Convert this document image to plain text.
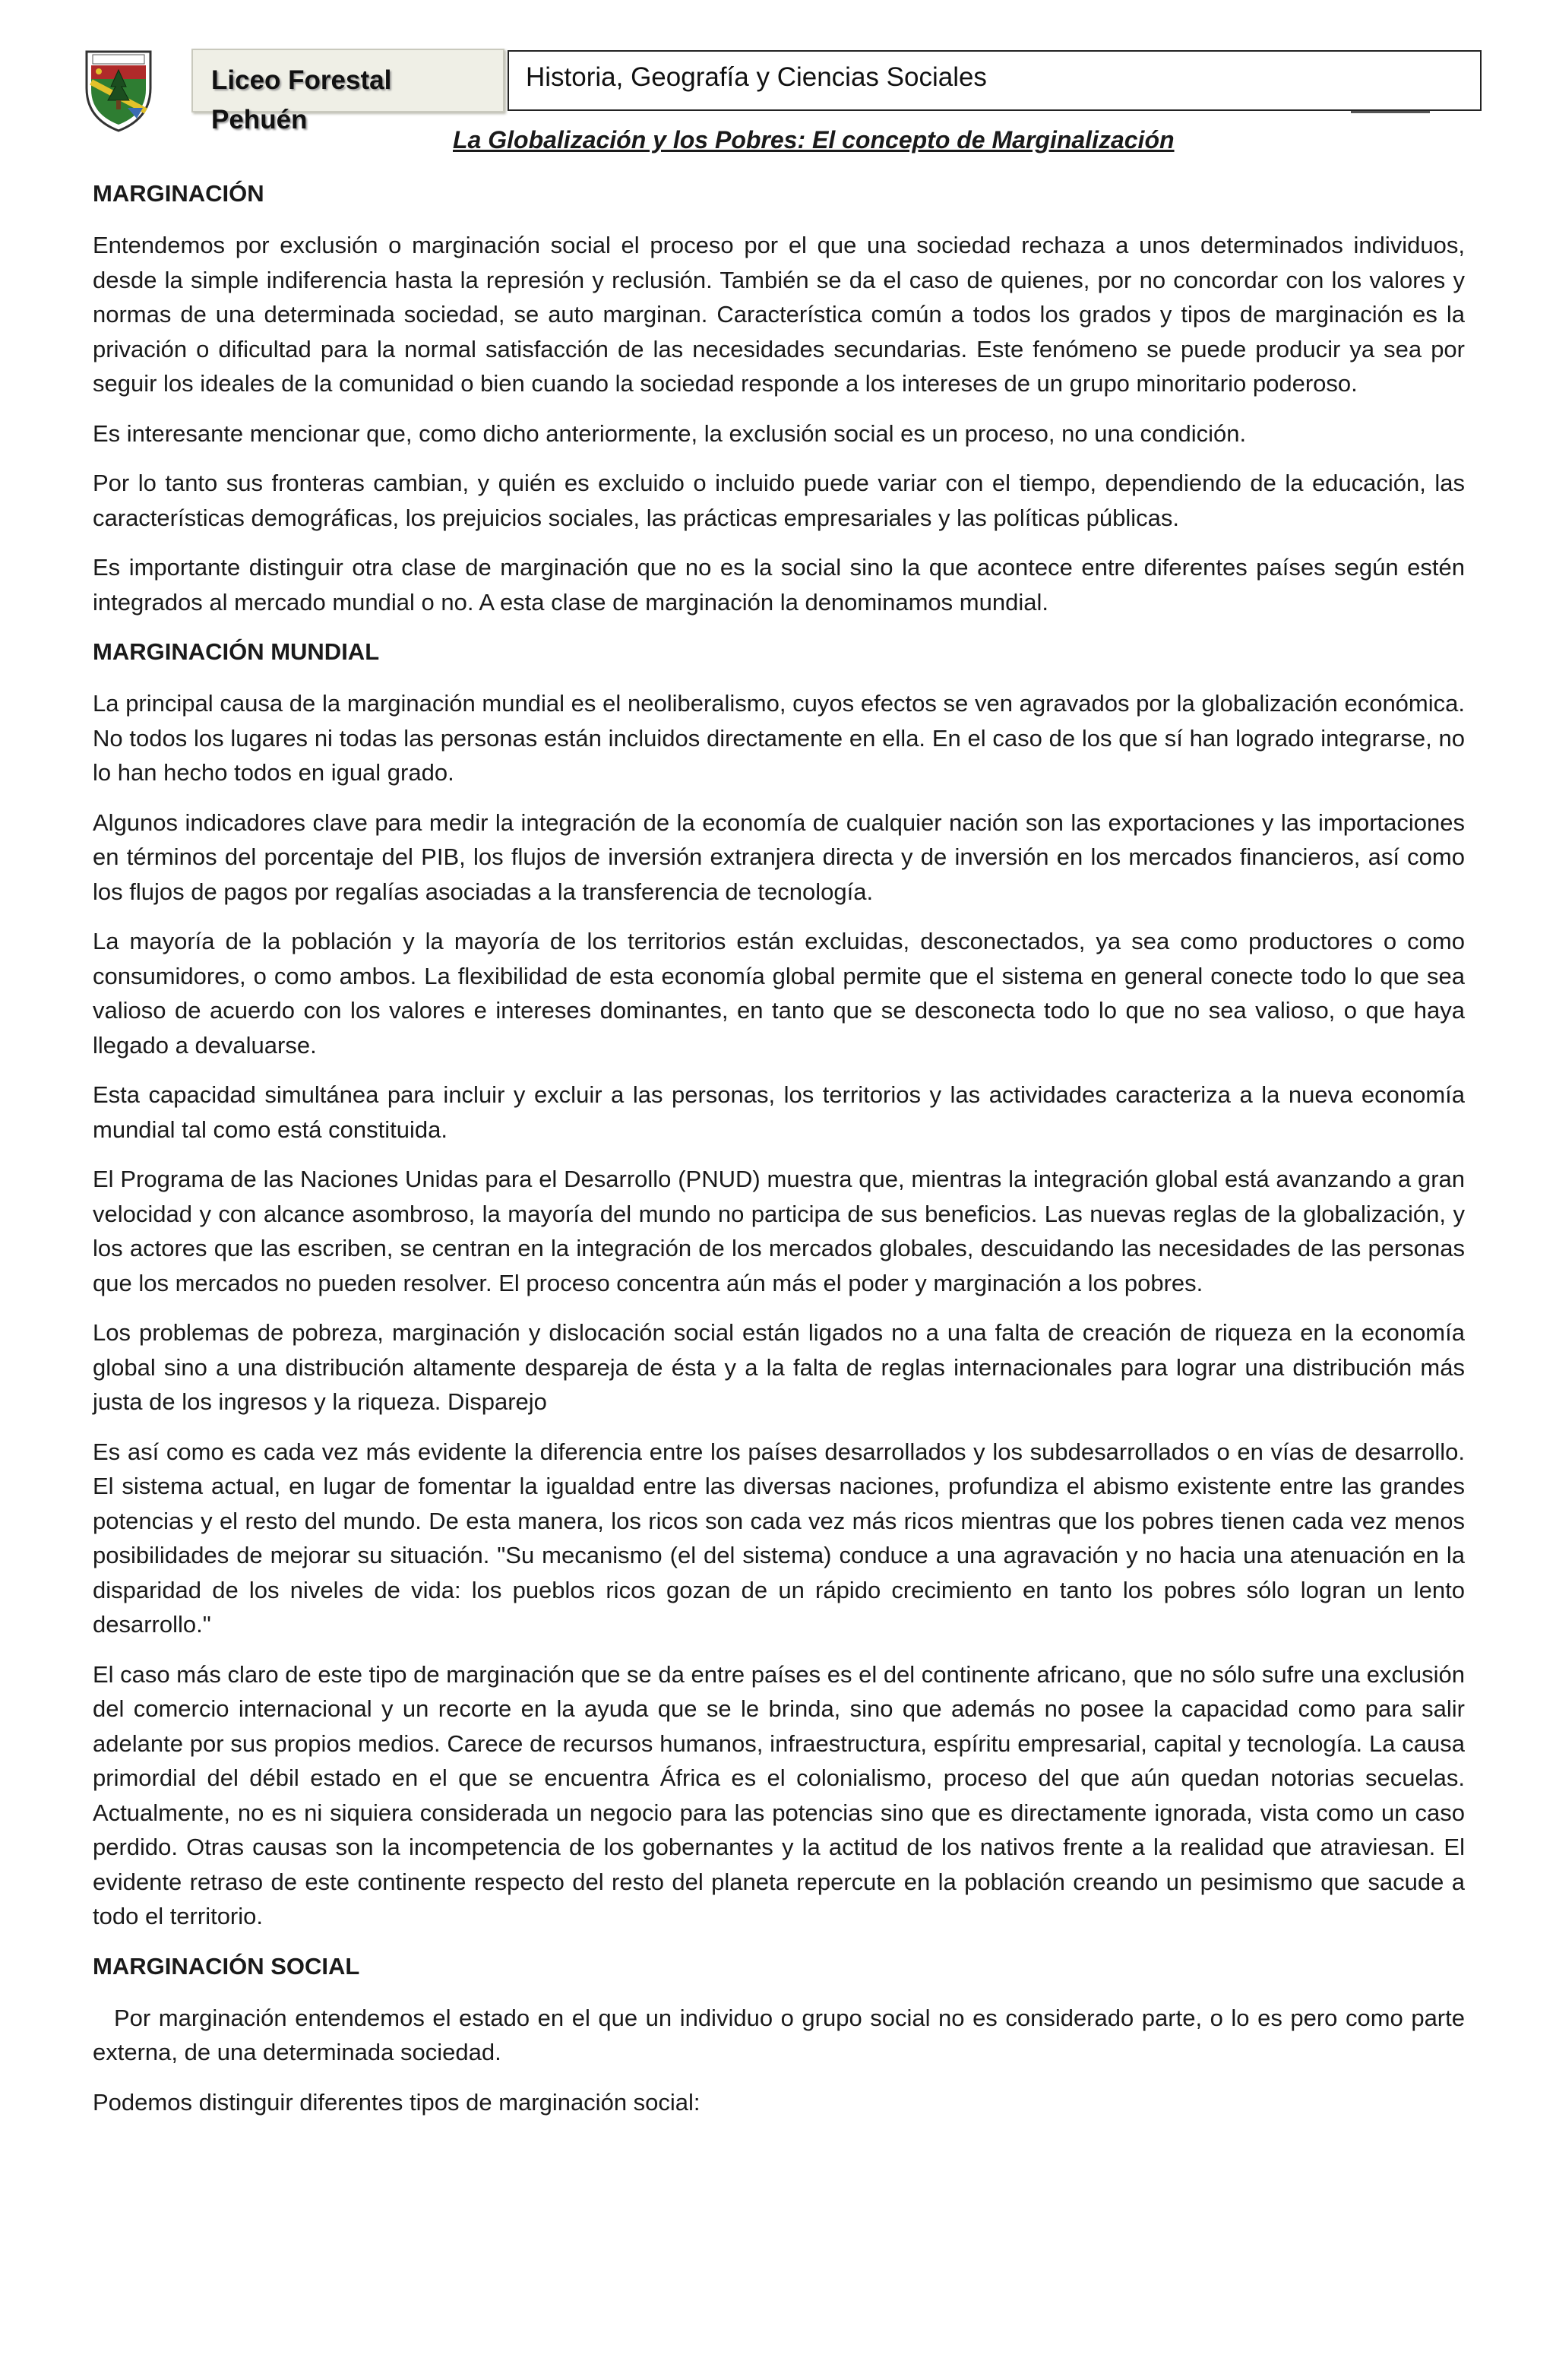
Liceo Forestal Pehuén
Historia, Geografía y Ciencias Sociales
La Globalización y los Pobres: El concepto de Marginalización
MARGINACIÓN

Entendemos por exclusión o marginación social el proceso por el que una sociedad rechaza a unos determinados individuos, desde la simple indiferencia hasta la represión y reclusión. También se da el caso de quienes, por no concordar con los valores y normas de una determinada sociedad, se auto marginan. Característica común a todos los grados y tipos de marginación es la privación o dificultad para la normal satisfacción de las necesidades secundarias. Este fenómeno se puede producir ya sea por seguir los ideales de la comunidad o bien cuando la sociedad responde a los intereses de un grupo minoritario poderoso.

Es interesante mencionar que, como dicho anteriormente, la exclusión social es un proceso, no una condición.

Por lo tanto sus fronteras cambian, y quién es excluido o incluido puede variar con el tiempo, dependiendo de la educación, las características demográficas, los prejuicios sociales, las prácticas empresariales y las políticas públicas.

Es importante distinguir otra clase de marginación que no es la social sino la que acontece entre diferentes países según estén integrados al mercado mundial o no. A esta clase de marginación la denominamos mundial.

MARGINACIÓN MUNDIAL

La principal causa de la marginación mundial es el neoliberalismo, cuyos efectos se ven agravados por la globalización económica. No todos los lugares ni todas las personas están incluidos directamente en ella. En el caso de los que sí han logrado integrarse, no lo han hecho todos en igual grado.

Algunos indicadores clave para medir la integración de la economía de cualquier nación son las exportaciones y las importaciones en términos del porcentaje del PIB, los flujos de inversión extranjera directa y de inversión en los mercados financieros, así como los flujos de pagos por regalías asociadas a la transferencia de tecnología.

La mayoría de la población y la mayoría de los territorios están excluidas, desconectados, ya sea como productores o como consumidores, o como ambos. La flexibilidad de esta economía global permite que el sistema en general conecte todo lo que sea valioso de acuerdo con los valores e intereses dominantes, en tanto que se desconecta todo lo que no sea valioso, o que haya llegado a devaluarse.

Esta capacidad simultánea para incluir y excluir a las personas, los territorios y las actividades caracteriza a la nueva economía mundial tal como está constituida.

El Programa de las Naciones Unidas para el Desarrollo (PNUD) muestra que, mientras la integración global está avanzando a gran velocidad y con alcance asombroso, la mayoría del mundo no participa de sus beneficios. Las nuevas reglas de la globalización, y los actores que las escriben, se centran en la integración de los mercados globales, descuidando las necesidades de las personas que los mercados no pueden resolver. El proceso concentra aún más el poder y marginación a los pobres.

Los problemas de pobreza, marginación y dislocación social están ligados no a una falta de creación de riqueza en la economía global sino a una distribución altamente despareja de ésta y a la falta de reglas internacionales para lograr una distribución más justa de los ingresos y la riqueza. Disparejo

Es así como es cada vez más evidente la diferencia entre los países desarrollados y los subdesarrollados o en vías de desarrollo. El sistema actual, en lugar de fomentar la igualdad entre las diversas naciones, profundiza el abismo existente entre las grandes potencias y el resto del mundo. De esta manera, los ricos son cada vez más ricos mientras que los pobres tienen cada vez menos posibilidades de mejorar su situación. "Su mecanismo (el del sistema) conduce a una agravación y no hacia una atenuación en la disparidad de los niveles de vida: los pueblos ricos gozan de un rápido crecimiento en tanto los pobres sólo logran un lento desarrollo."

El caso más claro de este tipo de marginación que se da entre países es el del continente africano, que no sólo sufre una exclusión del comercio internacional y un recorte en la ayuda que se le brinda, sino que además no posee la capacidad como para salir adelante por sus propios medios. Carece de recursos humanos, infraestructura, espíritu empresarial, capital y tecnología. La causa primordial del débil estado en el que se encuentra África es el colonialismo, proceso del que aún quedan notorias secuelas. Actualmente, no es ni siquiera considerada un negocio para las potencias sino que es directamente ignorada, vista como un caso perdido. Otras causas son la incompetencia de los gobernantes y la actitud de los nativos frente a la realidad que atraviesan. El evidente retraso de este continente respecto del resto del planeta repercute en la población creando un pesimismo que sacude a todo el territorio.

MARGINACIÓN SOCIAL

Por marginación entendemos el estado en el que un individuo o grupo social no es considerado parte, o lo es pero como parte externa, de una determinada sociedad.

Podemos distinguir diferentes tipos de marginación social:
